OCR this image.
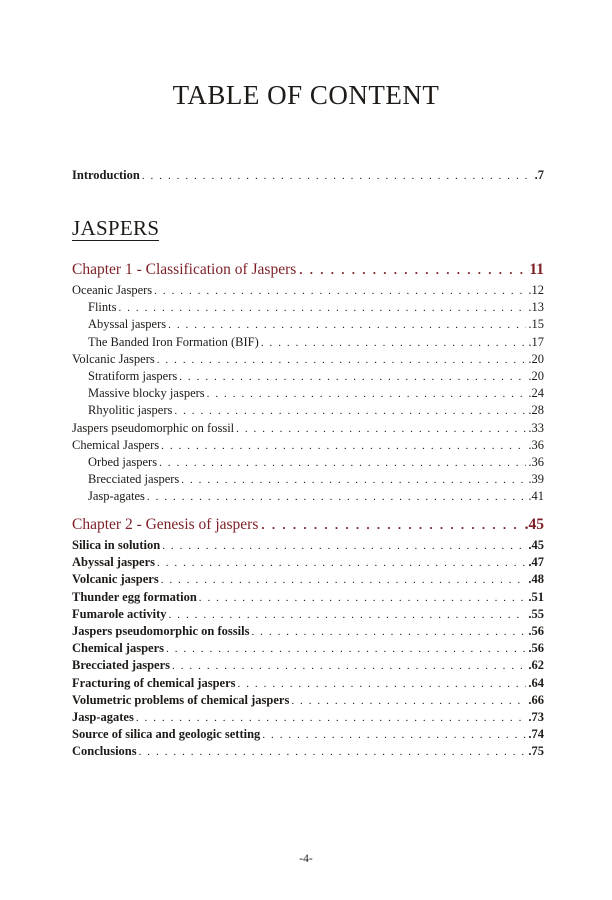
TABLE OF CONTENT
Introduction . . .	.7
JASPERS
Chapter 1 - Classification of Jaspers . . .	11
Oceanic Jaspers . . .	.12
Flints . . .	.13
Abyssal jaspers . . .	.15
The Banded Iron Formation (BIF) . . .	.17
Volcanic Jaspers . . .	.20
Stratiform jaspers . . .	.20
Massive blocky jaspers . . .	.24
Rhyolitic jaspers . . .	.28
Jaspers pseudomorphic on fossil . . .	.33
Chemical Jaspers . . .	.36
Orbed jaspers . . .	.36
Brecciated jaspers . . .	.39
Jasp-agates . . .	.41
Chapter 2 - Genesis of jaspers . . .	.45
Silica in solution . . .	.45
Abyssal jaspers . . .	.47
Volcanic jaspers . . .	.48
Thunder egg formation . . .	.51
Fumarole activity . . .	.55
Jaspers pseudomorphic on fossils . . .	.56
Chemical jaspers . . .	.56
Brecciated jaspers . . .	.62
Fracturing of chemical jaspers . . .	.64
Volumetric problems of chemical jaspers . . .	.66
Jasp-agates . . .	.73
Source of silica and geologic setting . . .	.74
Conclusions . . .	.75
-4-
